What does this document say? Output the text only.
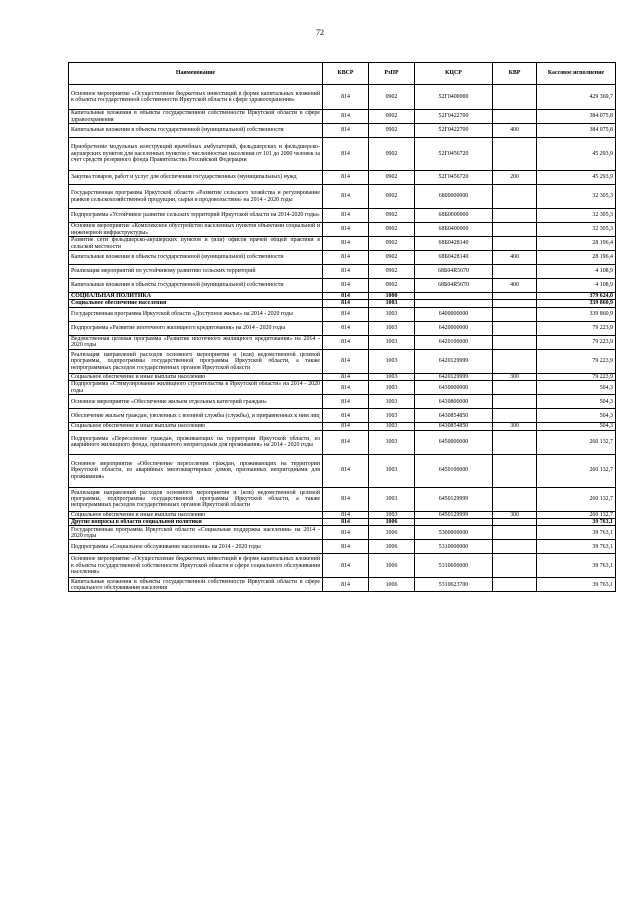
72
Наименование	КВСР	РзПР	КЦСР	КВР	Кассовое исполнение
Основное мероприятие «Осуществление бюджетных инвестиций в форме капитальных вложений в объекты государственной собственности Иркутской области в сфере здравоохранения»	814	0902	52Г0400000		429 369,7
Капитальные вложения в объекты государственной собственности Иркутской области в сфере здравоохранения	814	0902	52Г0422700		384 075,8
Капитальные вложения в объекты государственной (муниципальной) собственности	814	0902	52Г0422700	400	384 075,8
Приобретение модульных конструкций врачебных амбулаторий, фельдшерских и фельдшерско-акушерских пунктов для населенных пунктов с численностью населения от 101 до 2000 человек за счет средств резервного фонда Правительства Российской Федерации	814	0902	52Г0456720		45 293,9
Закупка товаров, работ и услуг для обеспечения государственных (муниципальных) нужд	814	0902	52Г0456720	200	45 293,9
Государственная программа Иркутской области «Развитие сельского хозяйства и регулирование рынков сельскохозяйственной продукции, сырья и продовольствия» на 2014 - 2020 годы	814	0902	6800000000		32 305,3
Подпрограмма «Устойчивое развитие сельских территорий Иркутской области на 2014-2020 годы»	814	0902	68Б0000000		32 305,3
Основное мероприятие «Комплексное обустройство населенных пунктов объектами социальной и инженерной инфраструктуры»	814	0902	68Б0400000		32 305,3
Развитие сети фельдшерско-акушерских пунктов и (или) офисов врачей общей практики в сельской местности	814	0902	68Б0428140		28 196,4
Капитальные вложения в объекты государственной (муниципальной) собственности	814	0902	68Б0428140	400	28 196,4
Реализация мероприятий по устойчивому развитию сельских территорий	814	0902	68Б04R5670		4 108,9
Капитальные вложения в объекты государственной (муниципальной) собственности	814	0902	68Б04R5670	400	4 108,9
СОЦИАЛЬНАЯ ПОЛИТИКА	814	1000			379 624,0
Социальное обеспечение населения	814	1003			339 860,9
Государственная программа Иркутской области «Доступное жилье» на 2014 - 2020 годы	814	1003	6400000000		339 860,9
Подпрограмма «Развитие ипотечного жилищного кредитования» на 2014 - 2020 годы	814	1003	6420000000		79 223,9
Ведомственная целевая программа «Развитие ипотечного жилищного кредитования» на 2014 - 2020 годы	814	1003	6420100000		79 223,9
Реализация направлений расходов основного мероприятия и (или) ведомственной целевой программы, подпрограммы государственной программы Иркутской области, а также непрограммных расходов государственных органов Иркутской области	814	1003	6420129999		79 223,9
Социальное обеспечение и иные выплаты населению	814	1003	6420129999	300	79 223,9
Подпрограмма «Стимулирование жилищного строительства в Иркутской области» на 2014 - 2020 годы	814	1003	6430000000		504,3
Основное мероприятие «Обеспечение жильем отдельных категорий граждан»	814	1003	6430800000		504,3
Обеспечение жильем граждан, уволенных с военной службы (службы), и приравненных к ним лиц	814	1003	6430854850		504,3
Социальное обеспечение и иные выплаты населению	814	1003	6430854850	300	504,3
Подпрограмма «Переселение граждан, проживающих на территории Иркутской области, из аварийного жилищного фонда, признанного непригодным для проживания» на 2014 - 2020 годы	814	1003	6450000000		260 132,7
Основное мероприятие «Обеспечение переселения граждан, проживающих на территории Иркутской области, из аварийных многоквартирных домов, признанных непригодными для проживания»	814	1003	6450100000		260 132,7
Реализация направлений расходов основного мероприятия и (или) ведомственной целевой программы, подпрограммы государственной программы Иркутской области, а также непрограммных расходов государственных органов Иркутской области	814	1003	6450129999		260 132,7
Социальное обеспечение и иные выплаты населению	814	1003	6450129999	300	260 132,7
Другие вопросы в области социальной политики	814	1006			39 763,1
Государственная программа Иркутской области «Социальная поддержка населения» на 2014 - 2020 годы	814	1006	5300000000		39 763,1
Подпрограмма «Социальное обслуживание населения» на 2014 - 2020 годы	814	1006	5310000000		39 763,1
Основное мероприятие «Осуществление бюджетных инвестиций в форме капитальных вложений в объекты государственной собственности Иркутской области в сфере социального обслуживания населения»	814	1006	5310600000		39 763,1
Капитальные вложения в объекты государственной собственности Иркутской области в сфере социального обслуживания населения	814	1006	5310623700		39 763,1
